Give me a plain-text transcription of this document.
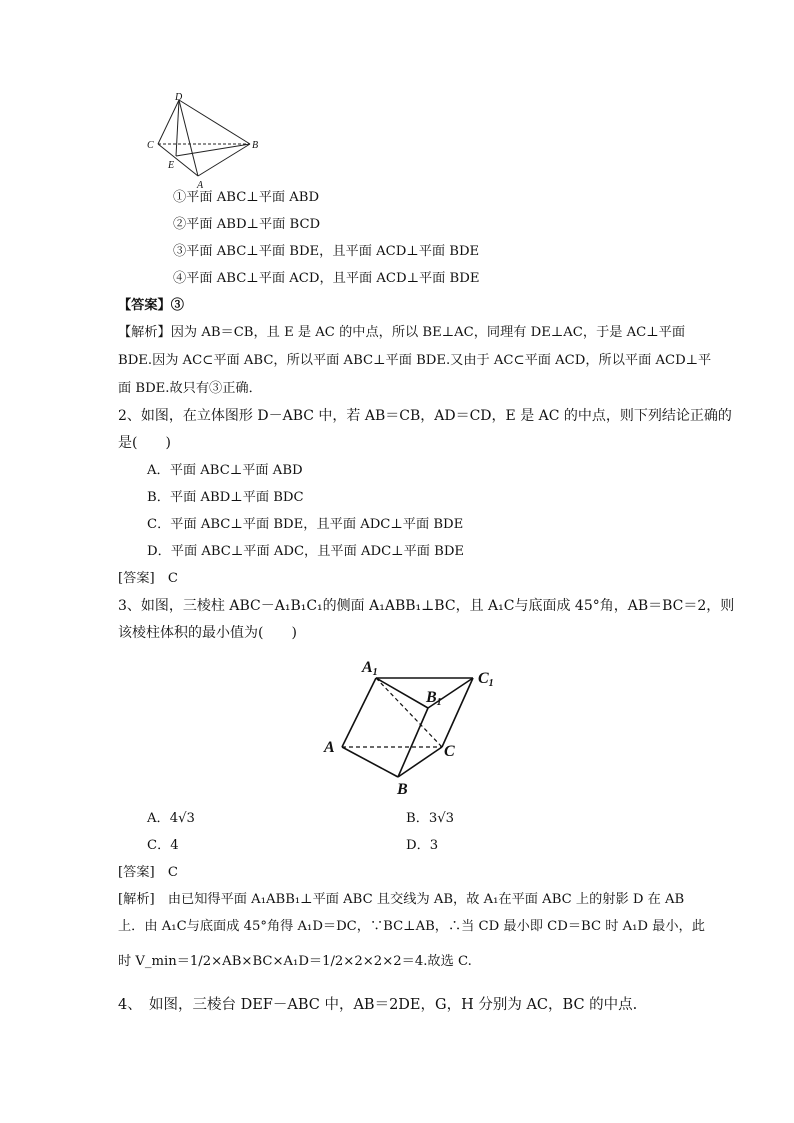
D
C	B
E
A
①平面 ABC⊥平面 ABD
②平面 ABD⊥平面 BCD
③平面 ABC⊥平面 BDE，且平面 ACD⊥平面 BDE
④平面 ABC⊥平面 ACD，且平面 ACD⊥平面 BDE
【答案】③
【解析】因为 AB＝CB，且 E 是 AC 的中点，所以 BE⊥AC，同理有 DE⊥AC，于是 AC⊥平面
BDE.因为 AC⊂平面 ABC，所以平面 ABC⊥平面 BDE.又由于 AC⊂平面 ACD，所以平面 ACD⊥平
面 BDE.故只有③正确．
2、如图，在立体图形 D－ABC 中，若 AB＝CB，AD＝CD，E 是 AC 的中点，则下列结论正确的
是(　　)
A．平面 ABC⊥平面 ABD
B．平面 ABD⊥平面 BDC
C．平面 ABC⊥平面 BDE，且平面 ADC⊥平面 BDE
D．平面 ABC⊥平面 ADC，且平面 ADC⊥平面 BDE
[答案]　C
3、如图，三棱柱 ABC－A₁B₁C₁的侧面 A₁ABB₁⊥BC，且 A₁C与底面成 45°角，AB＝BC＝2，则
该棱柱体积的最小值为(　　)
A1
B1
C1
A	C
B
A．4√3	B．3√3
C．4	D．3
[答案]　C
[解析]　由已知得平面 A₁ABB₁⊥平面 ABC 且交线为 AB，故 A₁在平面 ABC 上的射影 D 在 AB
上．由 A₁C与底面成 45°角得 A₁D＝DC，∵BC⊥AB，∴当 CD 最小即 CD＝BC 时 A₁D 最小，此
时 V_min＝1/2×AB×BC×A₁D＝1/2×2×2×2＝4.故选 C.
4、　如图，三棱台 DEF－ABC 中，AB＝2DE，G，H 分别为 AC，BC 的中点.
